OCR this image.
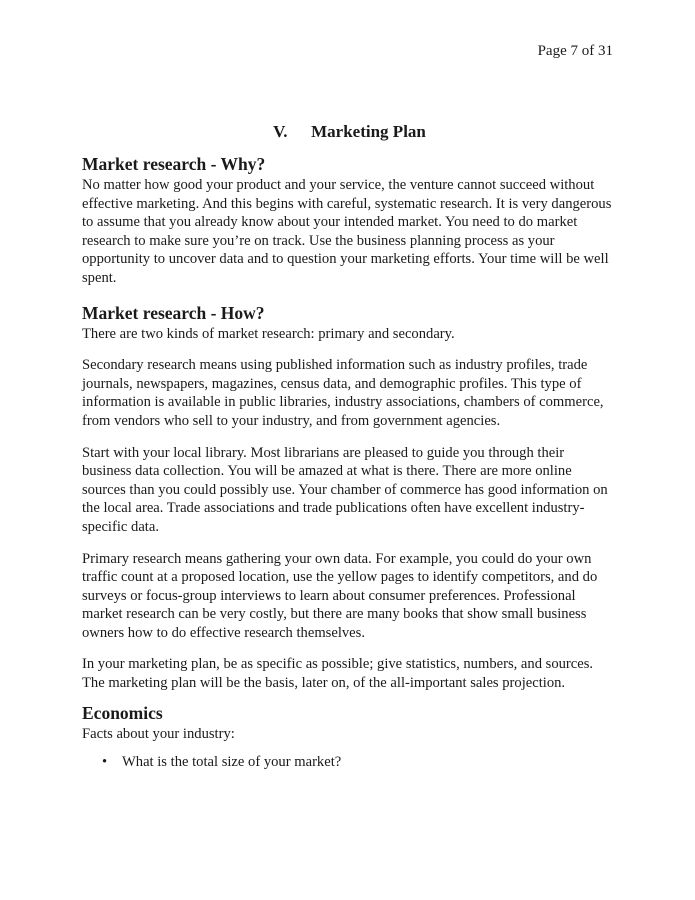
Page 7 of 31
V. Marketing Plan
Market research - Why?

No matter how good your product and your service, the venture cannot succeed without effective marketing. And this begins with careful, systematic research. It is very dangerous to assume that you already know about your intended market. You need to do market research to make sure you’re on track. Use the business planning process as your opportunity to uncover data and to question your marketing efforts. Your time will be well spent.

Market research - How?

There are two kinds of market research: primary and secondary.

Secondary research means using published information such as industry profiles, trade journals, newspapers, magazines, census data, and demographic profiles. This type of information is available in public libraries, industry associations, chambers of commerce, from vendors who sell to your industry, and from government agencies.

Start with your local library. Most librarians are pleased to guide you through their business data collection. You will be amazed at what is there. There are more online sources than you could possibly use. Your chamber of commerce has good information on the local area. Trade associations and trade publications often have excellent industry-specific data.

Primary research means gathering your own data. For example, you could do your own traffic count at a proposed location, use the yellow pages to identify competitors, and do surveys or focus-group interviews to learn about consumer preferences. Professional market research can be very costly, but there are many books that show small business owners how to do effective research themselves.

In your marketing plan, be as specific as possible; give statistics, numbers, and sources. The marketing plan will be the basis, later on, of the all-important sales projection.

Economics

Facts about your industry:

• What is the total size of your market?
